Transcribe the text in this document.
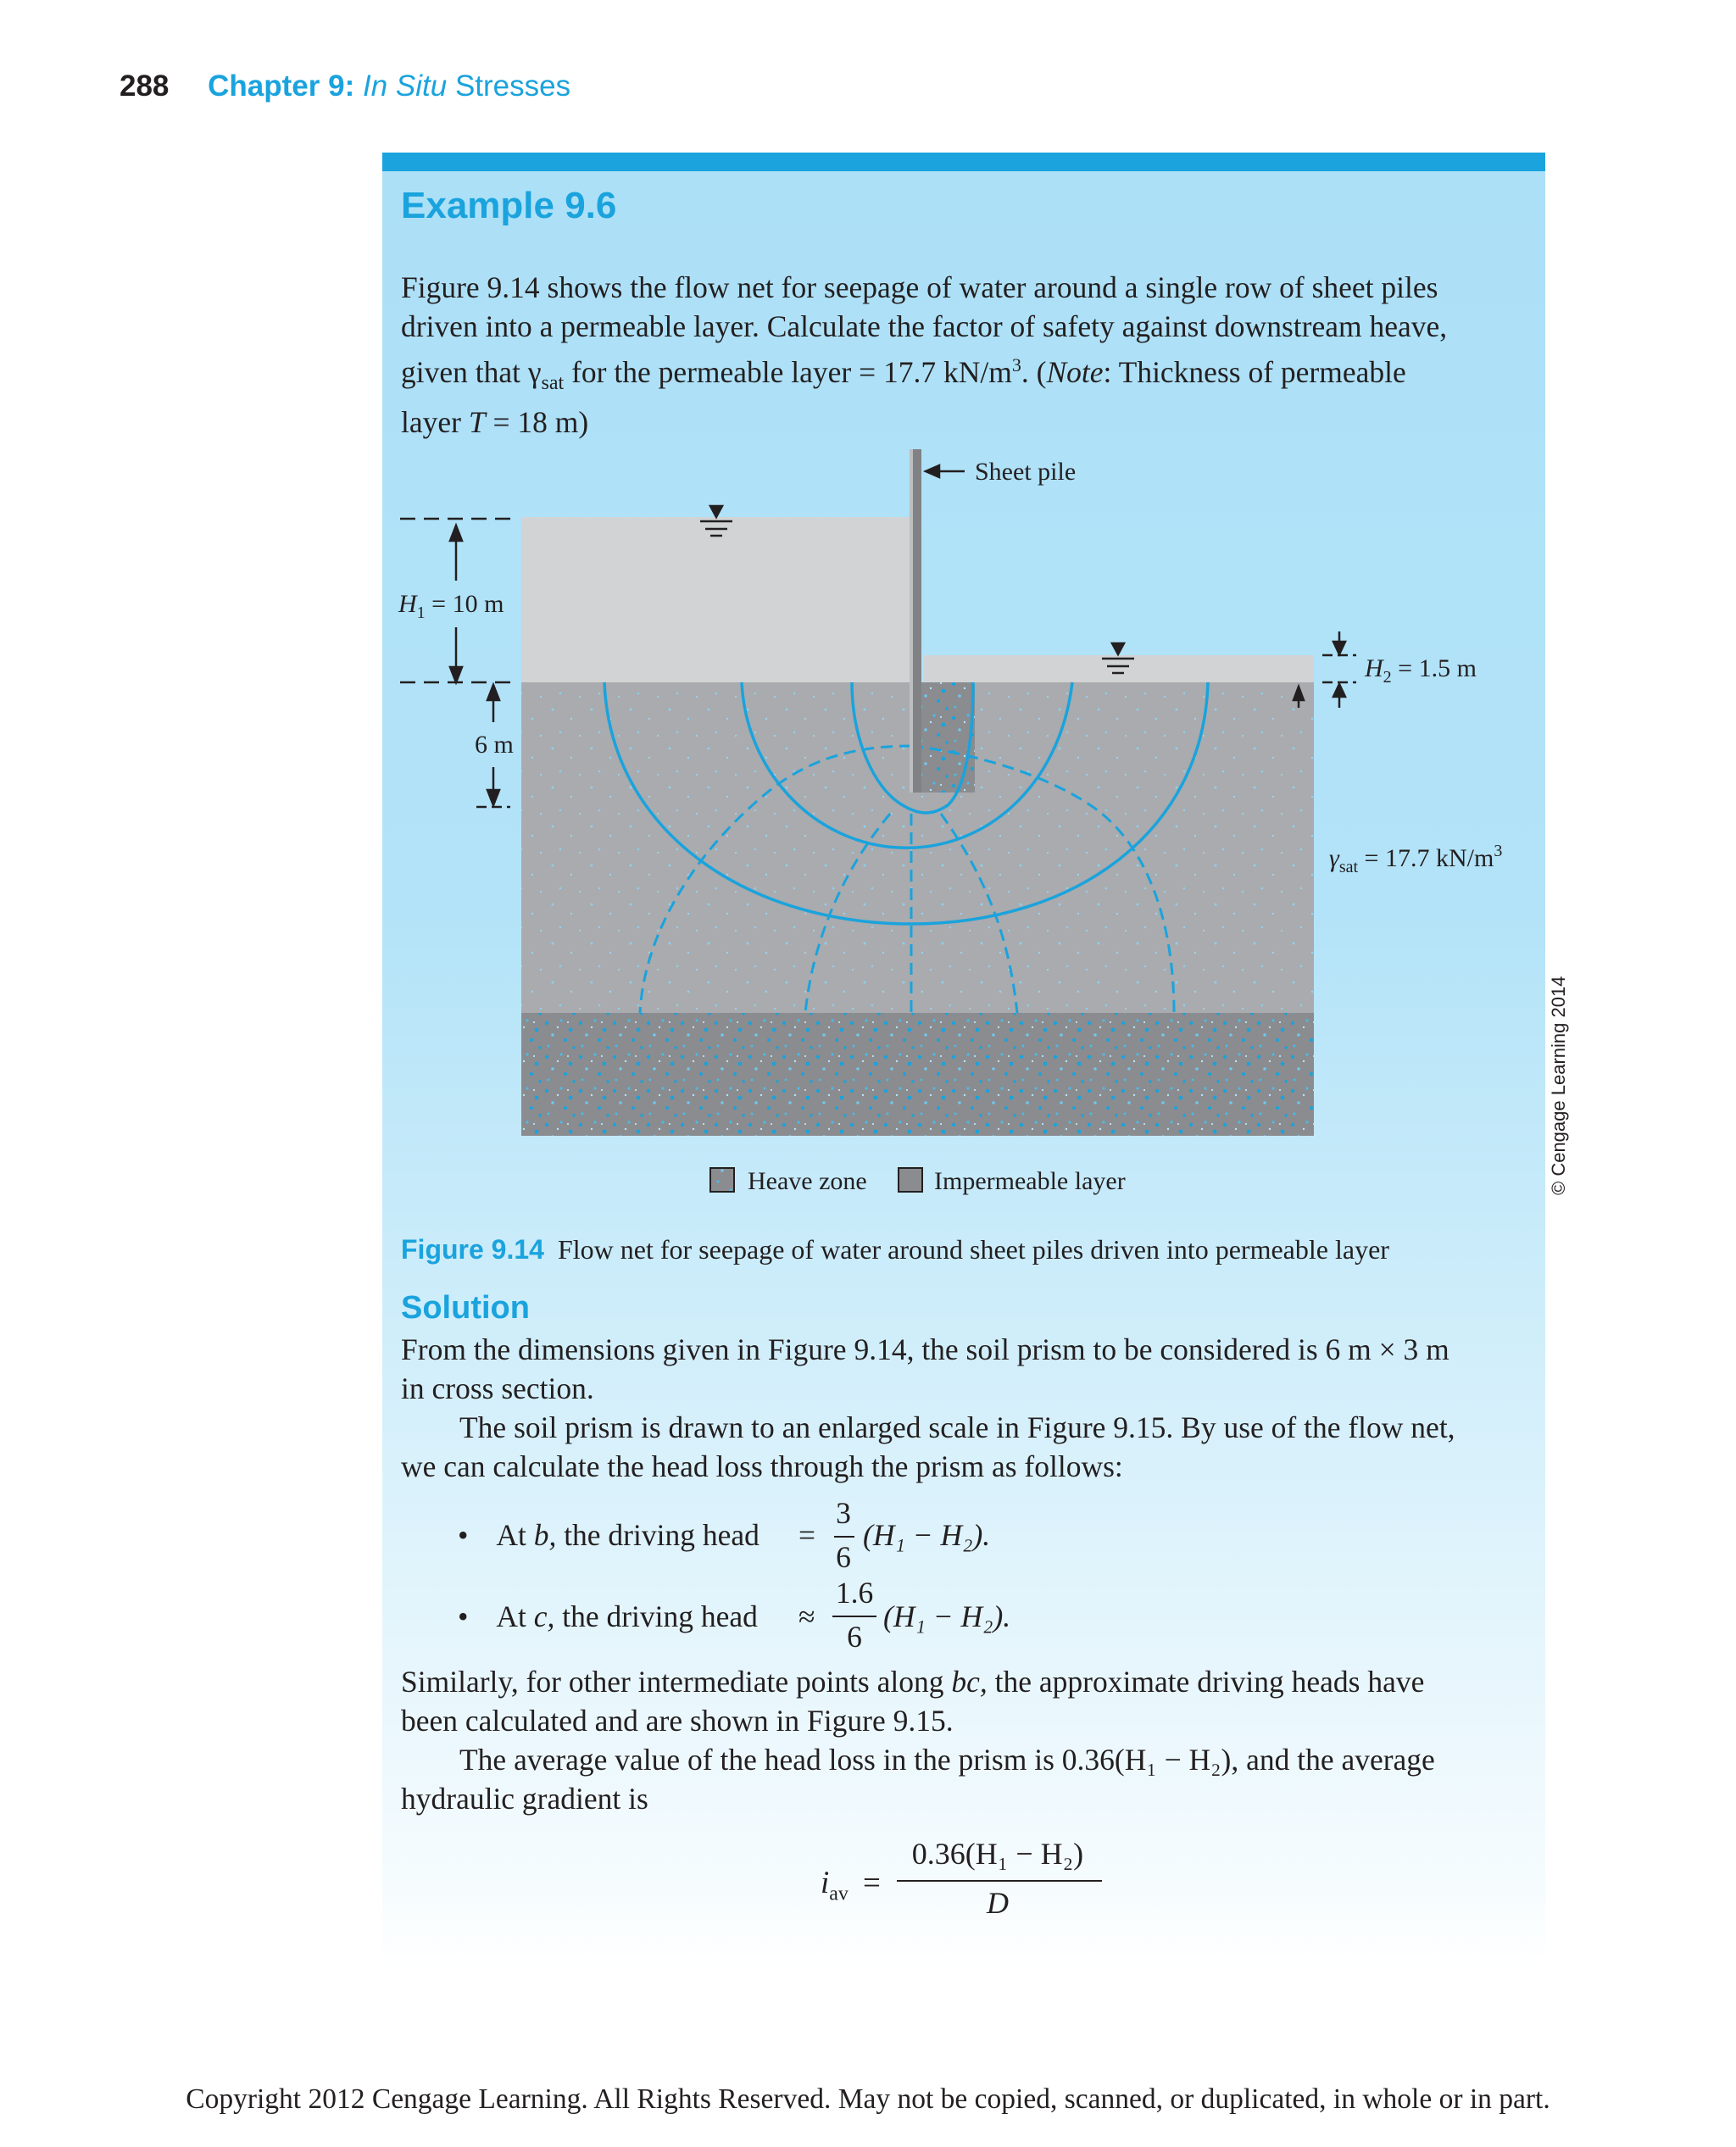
288 Chapter 9: In Situ Stresses
Example 9.6
Figure 9.14 shows the flow net for seepage of water around a single row of sheet piles
driven into a permeable layer. Calculate the factor of safety against downstream heave,
given that $\gamma_{sat}$ for the permeable layer = 17.7 $kN/m^3$. (Note: Thickness of permeable
layer T = 18 m)
Sheet pile
$H_1 = 10$ m
6 m
$H_2 = 1.5$ m
$\gamma_{sat} = 17.7$ $kN/m^3$
Heave zone	Impermeable layer
Figure 9.14 Flow net for seepage of water around sheet piles driven into permeable layer
Solution
From the dimensions given in Figure 9.14, the soil prism to be considered is 6 m × 3 m
in cross section.
The soil prism is drawn to an enlarged scale in Figure 9.15. By use of the flow net,
we can calculate the head loss through the prism as follows:
• At b, the driving head =
3
6
(H₁ − H₂).
• At c, the driving head ≈
1.6
6
(H₁ − H₂).
Similarly, for other intermediate points along bc, the approximate driving heads have
been calculated and are shown in Figure 9.15.
The average value of the head loss in the prism is 0.36(H₁ − H₂), and the average
hydraulic gradient is
$i_{av}$ =
0.36(H₁ − H₂)
D
© Cengage Learning 2014
Copyright 2012 Cengage Learning. All Rights Reserved. May not be copied, scanned, or duplicated, in whole or in part.
